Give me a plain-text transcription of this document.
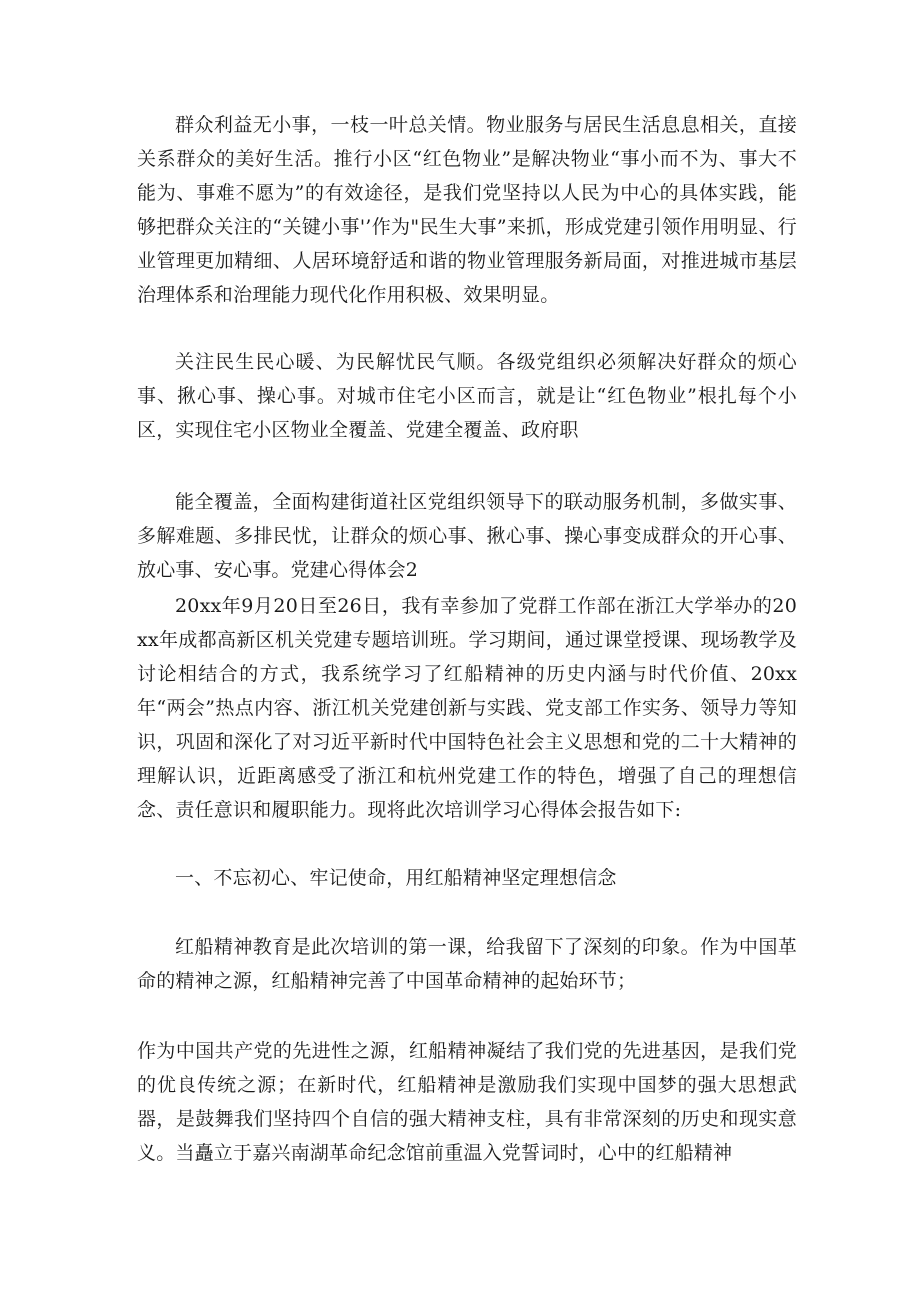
群众利益无小事，一枝一叶总关情。物业服务与居民生活息息相关，直接关系群众的美好生活。推行小区“红色物业”是解决物业“事小而不为、事大不能为、事难不愿为”的有效途径，是我们党坚持以人民为中心的具体实践，能够把群众关注的“关键小事'’作为"民生大事”来抓，形成党建引领作用明显、行业管理更加精细、人居环境舒适和谐的物业管理服务新局面，对推进城市基层治理体系和治理能力现代化作用积极、效果明显。

关注民生民心暖、为民解忧民气顺。各级党组织必须解决好群众的烦心事、揪心事、操心事。对城市住宅小区而言，就是让“红色物业”根扎每个小区，实现住宅小区物业全覆盖、党建全覆盖、政府职

能全覆盖，全面构建街道社区党组织领导下的联动服务机制，多做实事、多解难题、多排民忧，让群众的烦心事、揪心事、操心事变成群众的开心事、放心事、安心事。党建心得体会2

20xx年9月20日至26日，我有幸参加了党群工作部在浙江大学举办的20xx年成都高新区机关党建专题培训班。学习期间，通过课堂授课、现场教学及讨论相结合的方式，我系统学习了红船精神的历史内涵与时代价值、20xx年“两会”热点内容、浙江机关党建创新与实践、党支部工作实务、领导力等知识，巩固和深化了对习近平新时代中国特色社会主义思想和党的二十大精神的理解认识，近距离感受了浙江和杭州党建工作的特色，增强了自己的理想信念、责任意识和履职能力。现将此次培训学习心得体会报告如下:

一、不忘初心、牢记使命，用红船精神坚定理想信念

红船精神教育是此次培训的第一课，给我留下了深刻的印象。作为中国革命的精神之源，红船精神完善了中国革命精神的起始环节；

作为中国共产党的先进性之源，红船精神凝结了我们党的先进基因，是我们党的优良传统之源；在新时代，红船精神是激励我们实现中国梦的强大思想武器，是鼓舞我们坚持四个自信的强大精神支柱，具有非常深刻的历史和现实意义。当矗立于嘉兴南湖革命纪念馆前重温入党誓词时，心中的红船精神
